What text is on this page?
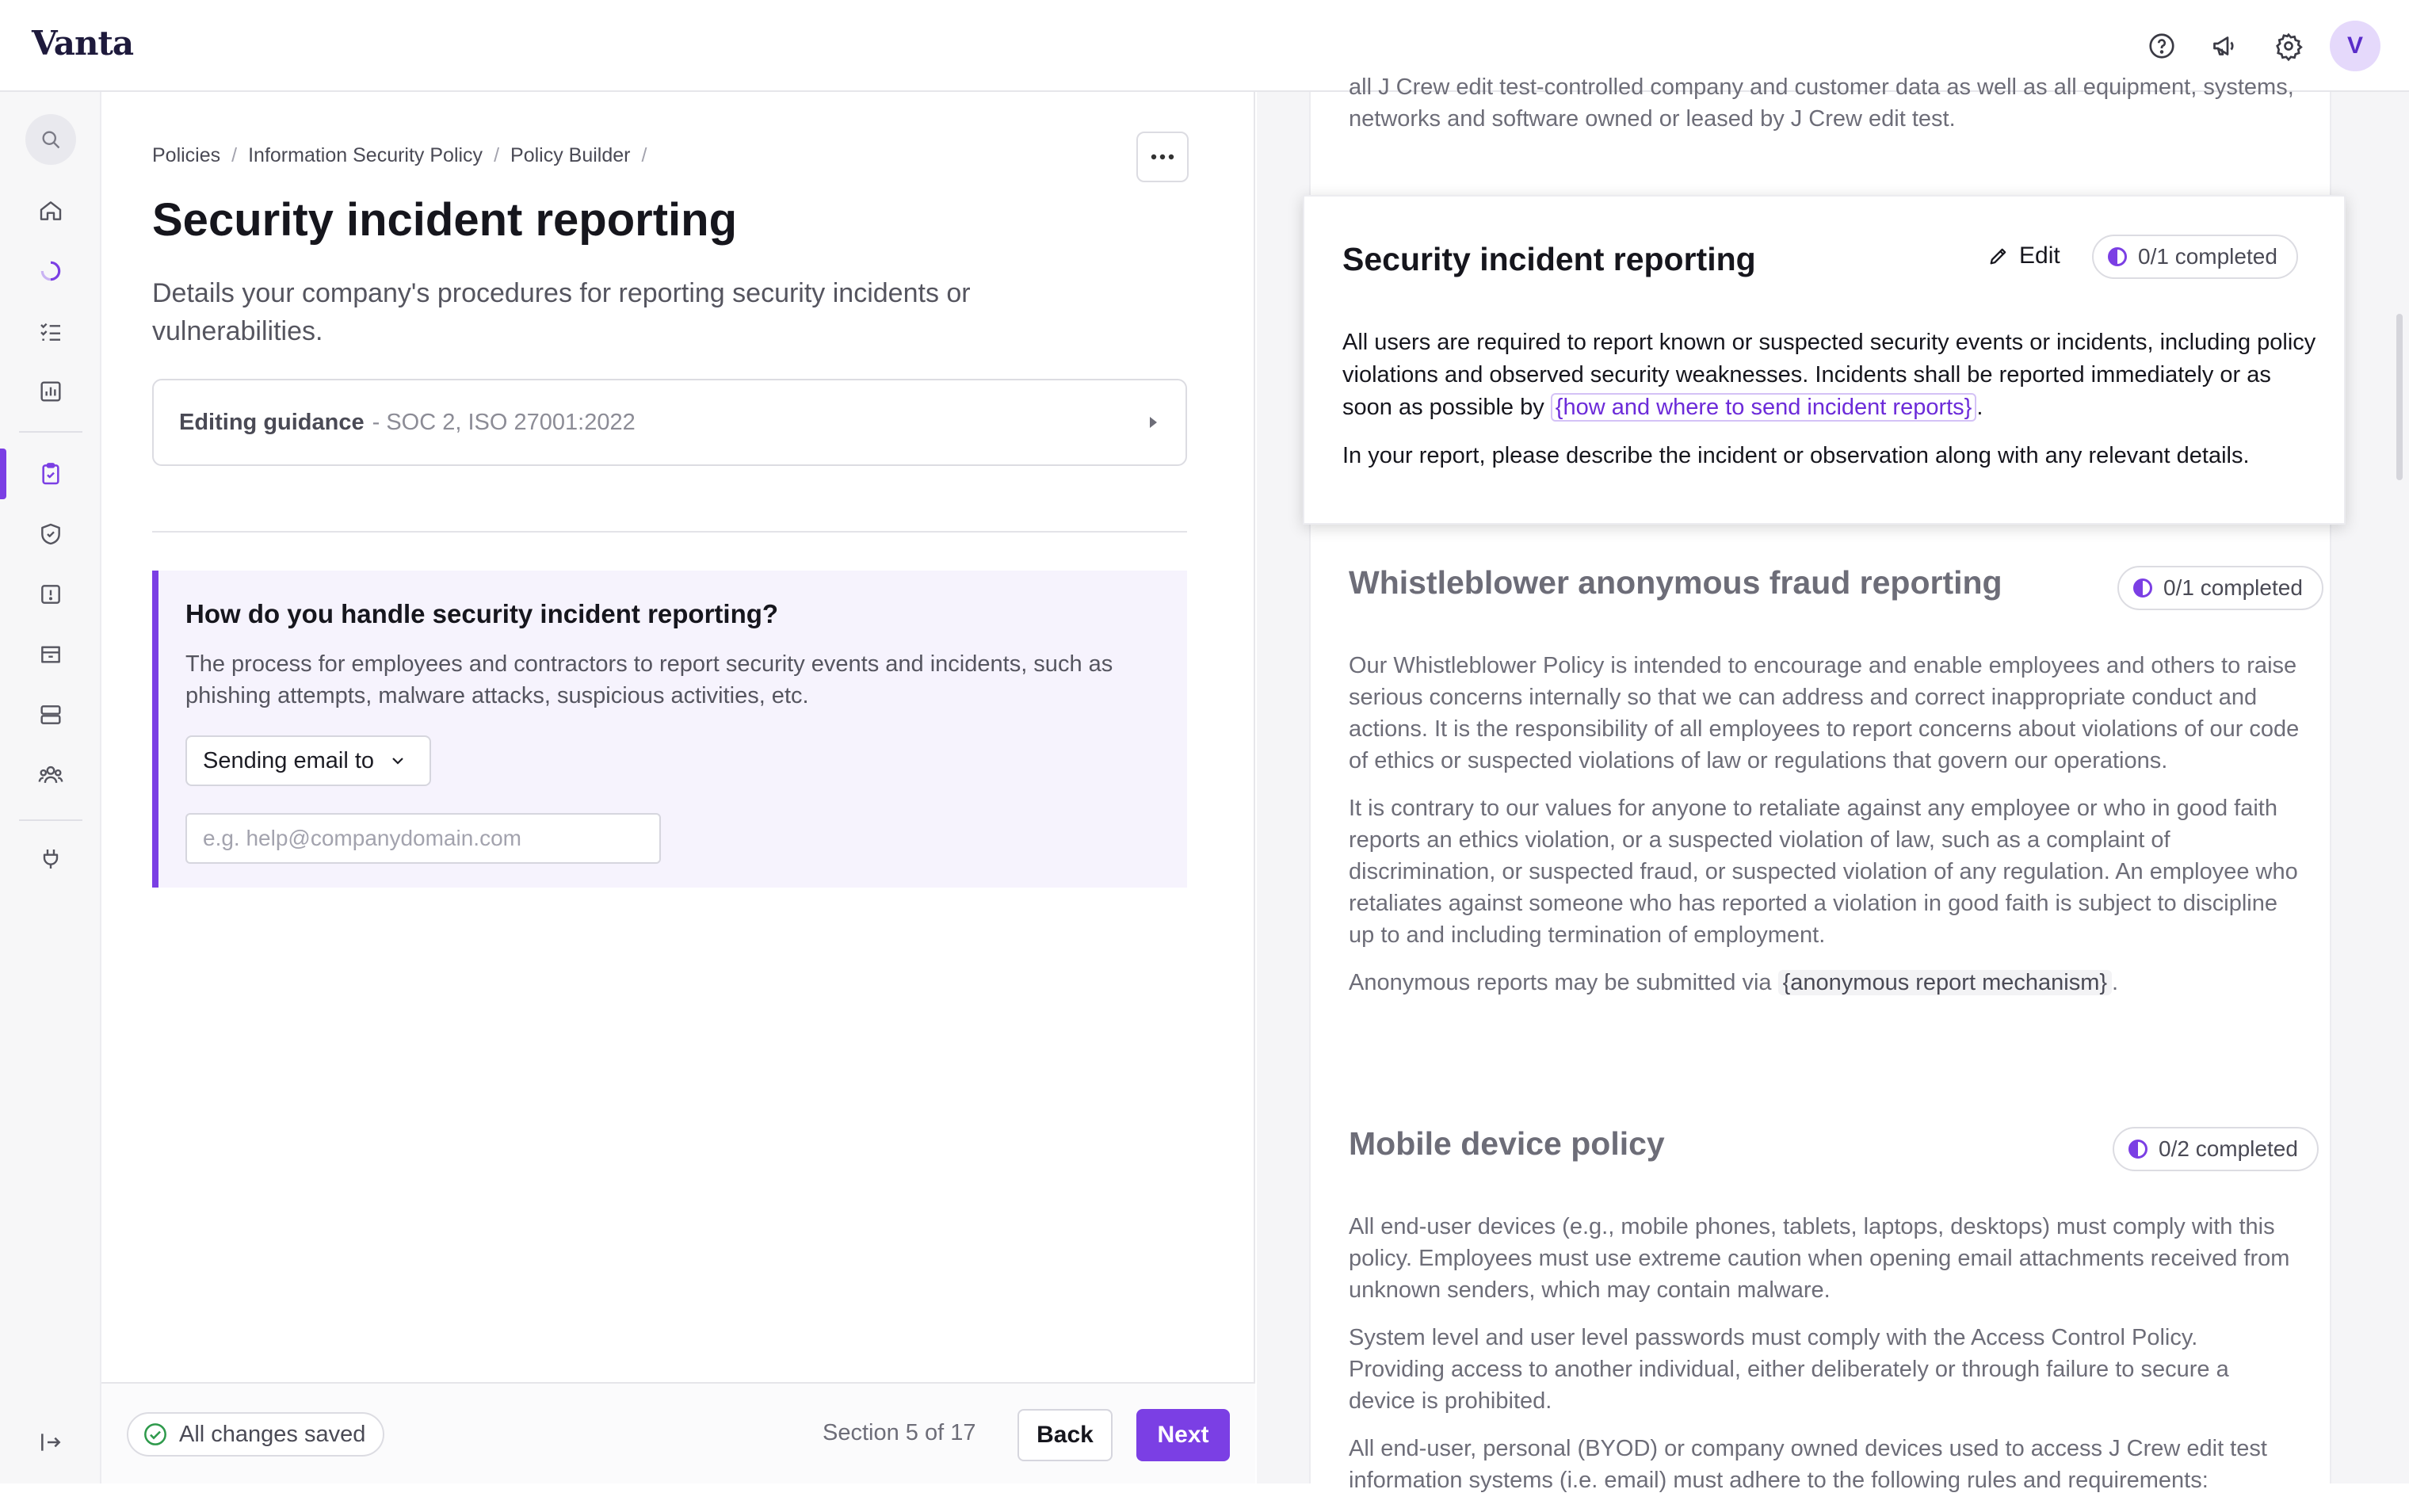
Vanta	V
Policies / Information Security Policy / Policy Builder /
Security incident reporting
Details your company's procedures for reporting security incidents or vulnerabilities.
Editing guidance - SOC 2, ISO 27001:2022
How do you handle security incident reporting?
The process for employees and contractors to report security events and incidents, such as phishing attempts, malware attacks, suspicious activities, etc.
Sending email to
e.g. help@companydomain.com
All changes saved	Section 5 of 17	Back	Next
all J Crew edit test-controlled company and customer data as well as all equipment, systems, networks and software owned or leased by J Crew edit test.
Whistleblower anonymous fraud reporting	0/1 completed

Our Whistleblower Policy is intended to encourage and enable employees and others to raise serious concerns internally so that we can address and correct inappropriate conduct and actions. It is the responsibility of all employees to report concerns about violations of our code of ethics or suspected violations of law or regulations that govern our operations.

It is contrary to our values for anyone to retaliate against any employee or who in good faith reports an ethics violation, or a suspected violation of law, such as a complaint of discrimination, or suspected fraud, or suspected violation of any regulation. An employee who retaliates against someone who has reported a violation in good faith is subject to discipline up to and including termination of employment.

Anonymous reports may be submitted via {anonymous report mechanism} .

Mobile device policy	0/2 completed

All end-user devices (e.g., mobile phones, tablets, laptops, desktops) must comply with this policy. Employees must use extreme caution when opening email attachments received from unknown senders, which may contain malware.

System level and user level passwords must comply with the Access Control Policy. Providing access to another individual, either deliberately or through failure to secure a device is prohibited.

All end-user, personal (BYOD) or company owned devices used to access J Crew edit test information systems (i.e. email) must adhere to the following rules and requirements:

Security incident reporting	Edit	0/1 completed

All users are required to report known or suspected security events or incidents, including policy violations and observed security weaknesses. Incidents shall be reported immediately or as soon as possible by {how and where to send incident reports} .

In your report, please describe the incident or observation along with any relevant details.
